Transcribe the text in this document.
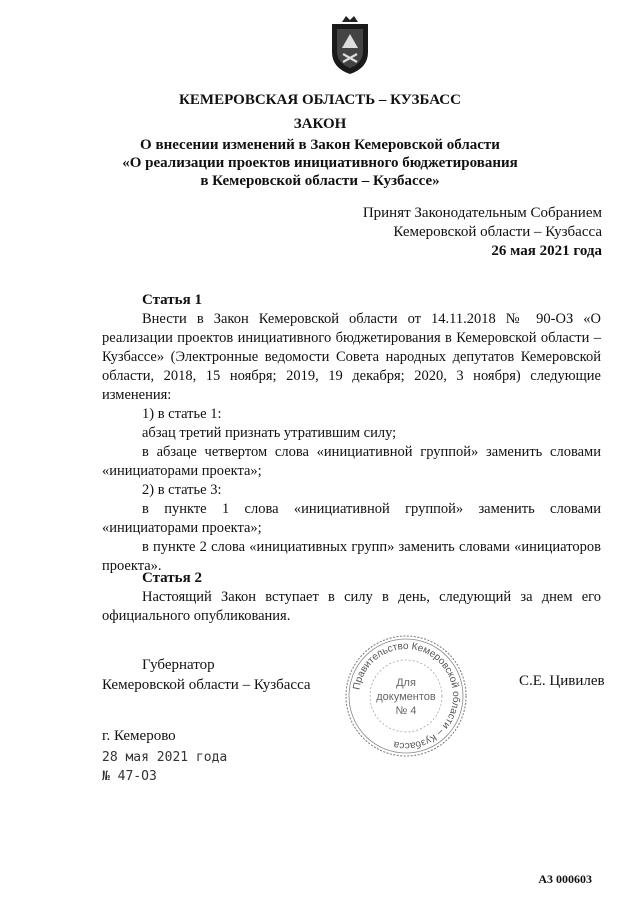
КЕМЕРОВСКАЯ ОБЛАСТЬ – КУЗБАСС
ЗАКОН
О внесении изменений в Закон Кемеровской области
«О реализации проектов инициативного бюджетирования
в Кемеровской области – Кузбассе»
Принят Законодательным Собранием
Кемеровской области – Кузбасса
26 мая 2021 года
Статья 1

Внести в Закон Кемеровской области от 14.11.2018 № 90-ОЗ «О реализации проектов инициативного бюджетирования в Кемеровской области – Кузбассе» (Электронные ведомости Совета народных депутатов Кемеровской области, 2018, 15 ноября; 2019, 19 декабря; 2020, 3 ноября) следующие изменения:

1) в статье 1:

абзац третий признать утратившим силу;

в абзаце четвертом слова «инициативной группой» заменить словами «инициаторами проекта»;

2) в статье 3:

в пункте 1 слова «инициативной группой» заменить словами «инициаторами проекта»;

в пункте 2 слова «инициативных групп» заменить словами «инициаторов проекта».

Статья 2

Настоящий Закон вступает в силу в день, следующий за днем его официального опубликования.

Губернатор
Кемеровской области – Кузбасса	Правительство Кемеровской области – Кузбасса
Для
документов
№ 4
С.Е. Цивилев
г. Кемерово
28 мая 2021 года
№ 47-ОЗ
А3 000603
